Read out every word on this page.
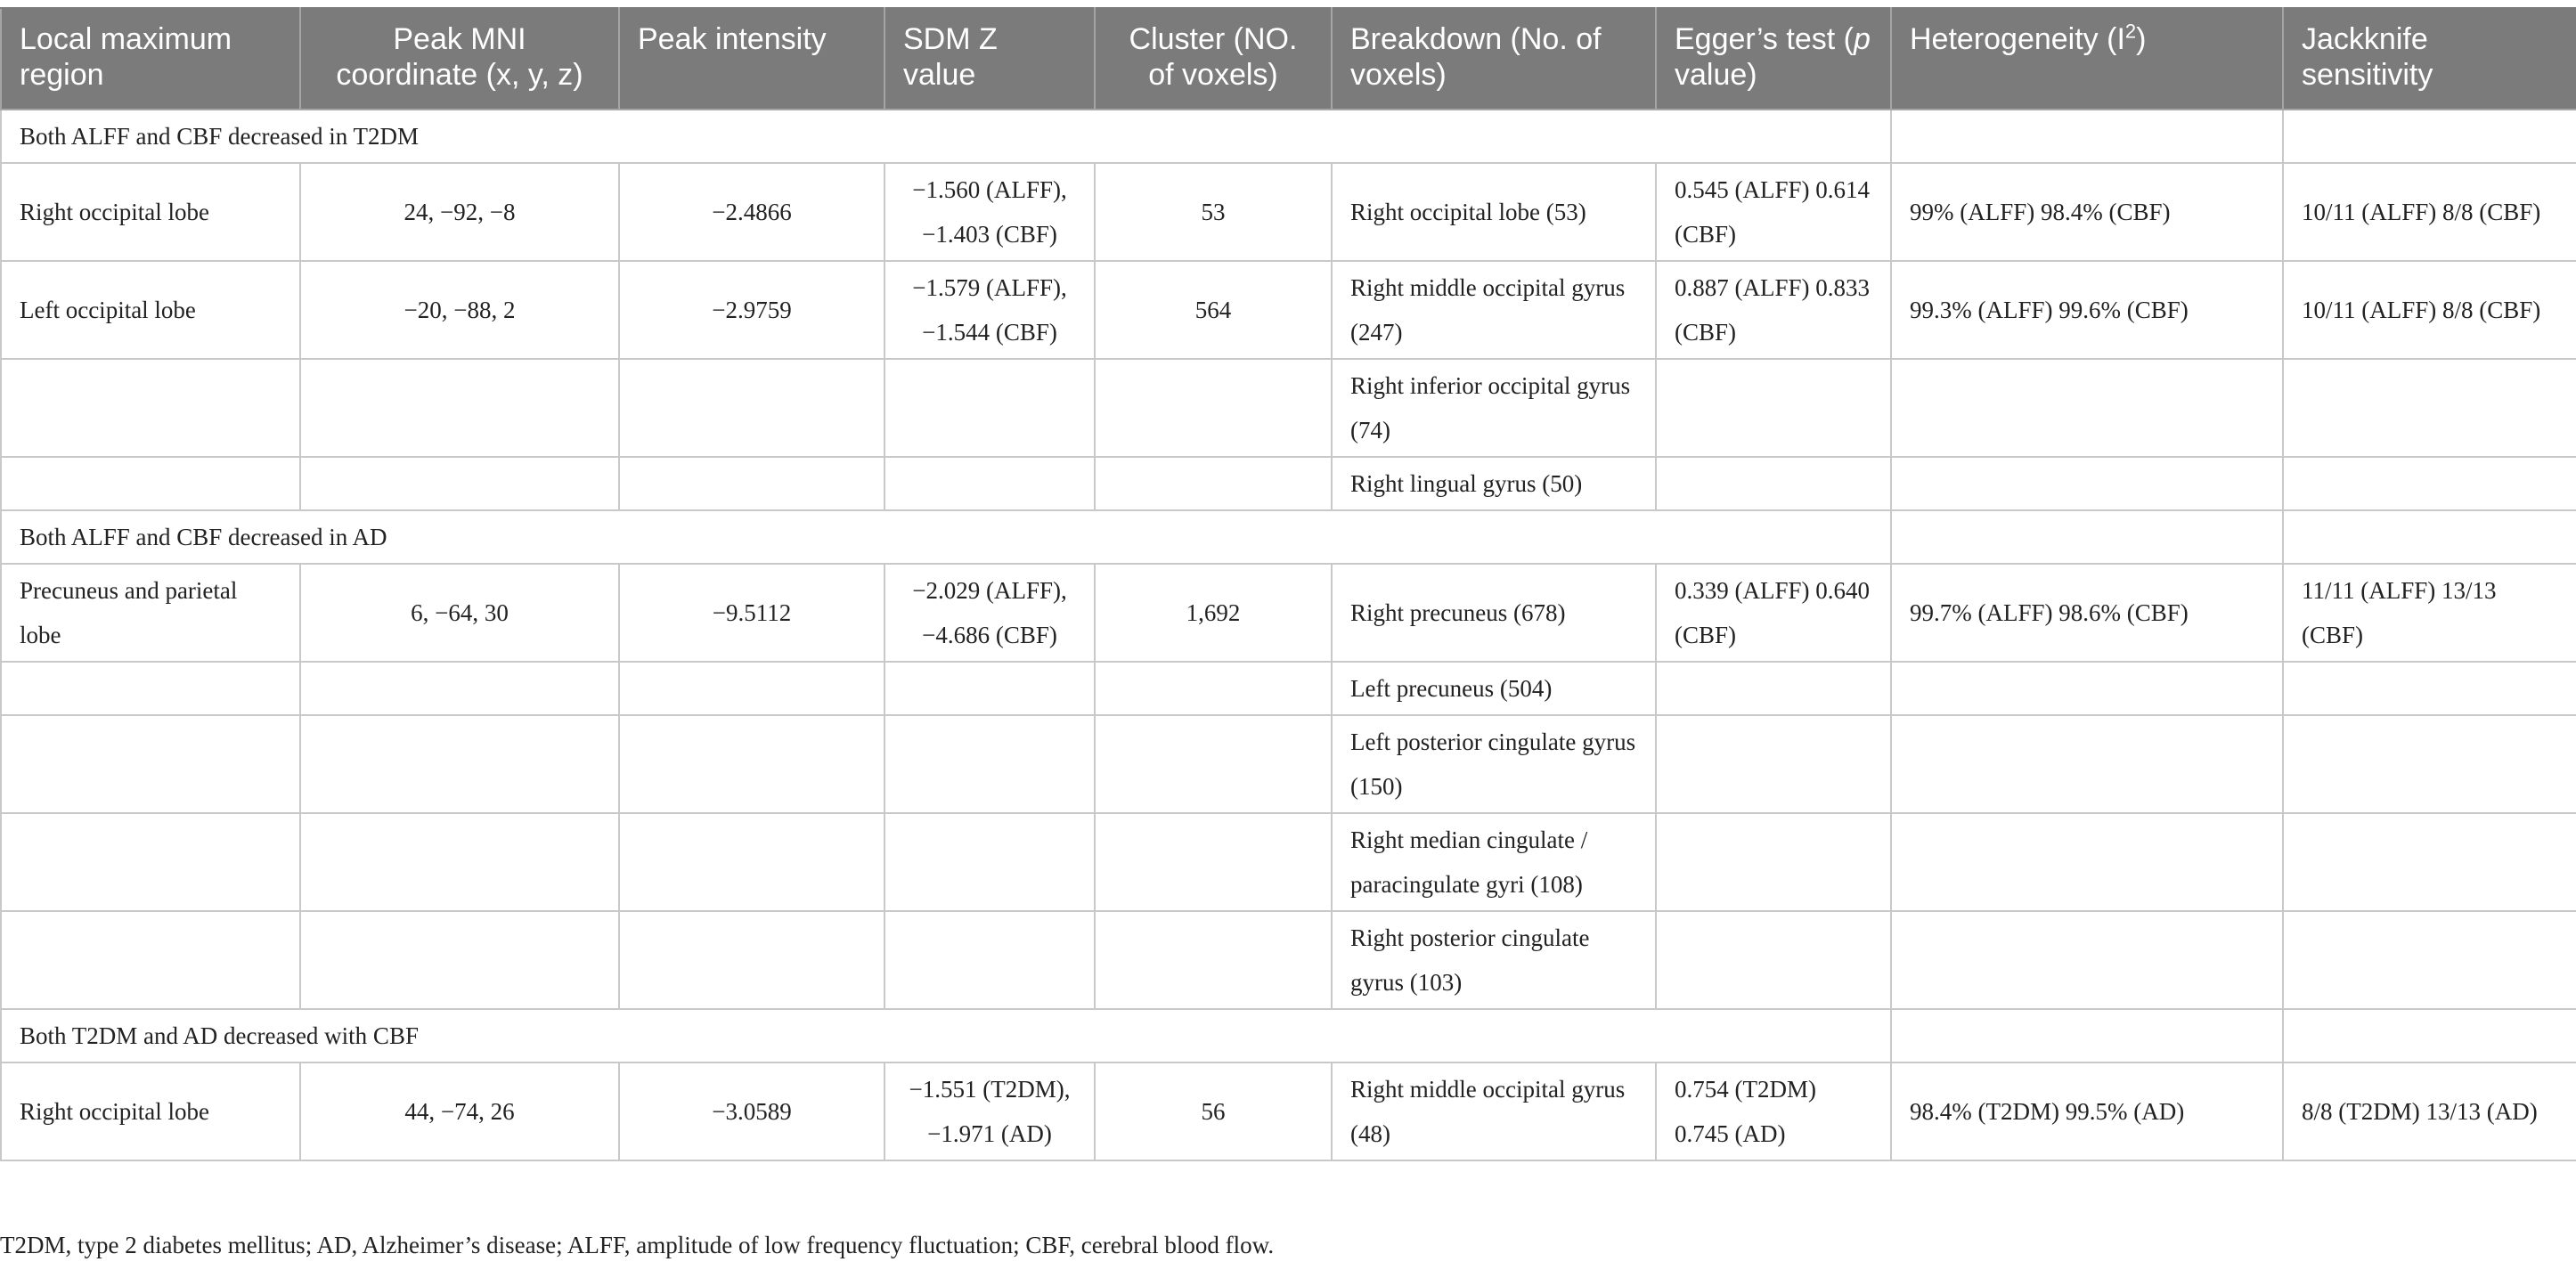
Local maximum region	Peak MNI coordinate (x, y, z)	Peak intensity	SDM Z value	Cluster (NO. of voxels)	Breakdown (No. of voxels)	Egger’s test (p value)	Heterogeneity $(I^2)$	Jackknife sensitivity
Both ALFF and CBF decreased in T2DM								
Right occipital lobe	24, −92, −8	−2.4866	−1.560 (ALFF), −1.403 (CBF)	53	Right occipital lobe (53)	0.545 (ALFF) 0.614 (CBF)	99% (ALFF) 98.4% (CBF)	10/11 (ALFF) 8/8 (CBF)
Left occipital lobe	−20, −88, 2	−2.9759	−1.579 (ALFF), −1.544 (CBF)	564	Right middle occipital gyrus (247)	0.887 (ALFF) 0.833 (CBF)	99.3% (ALFF) 99.6% (CBF)	10/11 (ALFF) 8/8 (CBF)
					Right inferior occipital gyrus (74)			
					Right lingual gyrus (50)			
Both ALFF and CBF decreased in AD								
Precuneus and parietal lobe	6, −64, 30	−9.5112	−2.029 (ALFF), −4.686 (CBF)	1,692	Right precuneus (678)	0.339 (ALFF) 0.640 (CBF)	99.7% (ALFF) 98.6% (CBF)	11/11 (ALFF) 13/13 (CBF)
					Left precuneus (504)			
					Left posterior cingulate gyrus (150)			
					Right median cingulate / paracingulate gyri (108)			
					Right posterior cingulate gyrus (103)			
Both T2DM and AD decreased with CBF								
Right occipital lobe	44, −74, 26	−3.0589	−1.551 (T2DM), −1.971 (AD)	56	Right middle occipital gyrus (48)	0.754 (T2DM) 0.745 (AD)	98.4% (T2DM) 99.5% (AD)	8/8 (T2DM) 13/13 (AD)
T2DM, type 2 diabetes mellitus; AD, Alzheimer’s disease; ALFF, amplitude of low frequency fluctuation; CBF, cerebral blood flow.
